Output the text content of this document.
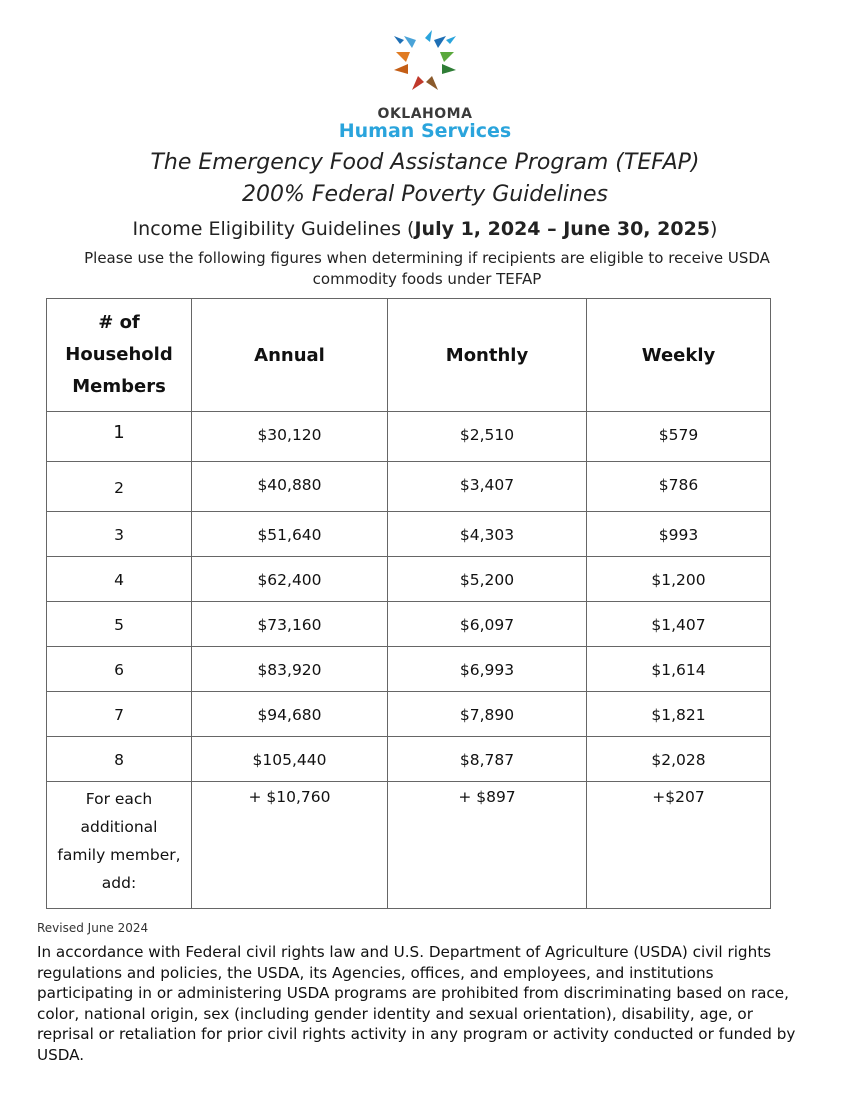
OKLAHOMA
Human Services
The Emergency Food Assistance Program (TEFAP)
200% Federal Poverty Guidelines
Income Eligibility Guidelines (July 1, 2024 – June 30, 2025)
Please use the following figures when determining if recipients are eligible to receive USDA commodity foods under TEFAP
# of
Household
Members	Annual	Monthly	Weekly
1	$30,120	$2,510	$579
2	$40,880	$3,407	$786
3	$51,640	$4,303	$993
4	$62,400	$5,200	$1,200
5	$73,160	$6,097	$1,407
6	$83,920	$6,993	$1,614
7	$94,680	$7,890	$1,821
8	$105,440	$8,787	$2,028

For each
additional
family member,
add:	+ $10,760	+ $897	+$207
Revised June 2024
In accordance with Federal civil rights law and U.S. Department of Agriculture (USDA) civil rights regulations and policies, the USDA, its Agencies, offices, and employees, and institutions participating in or administering USDA programs are prohibited from discriminating based on race, color, national origin, sex (including gender identity and sexual orientation), disability, age, or reprisal or retaliation for prior civil rights activity in any program or activity conducted or funded by USDA.
